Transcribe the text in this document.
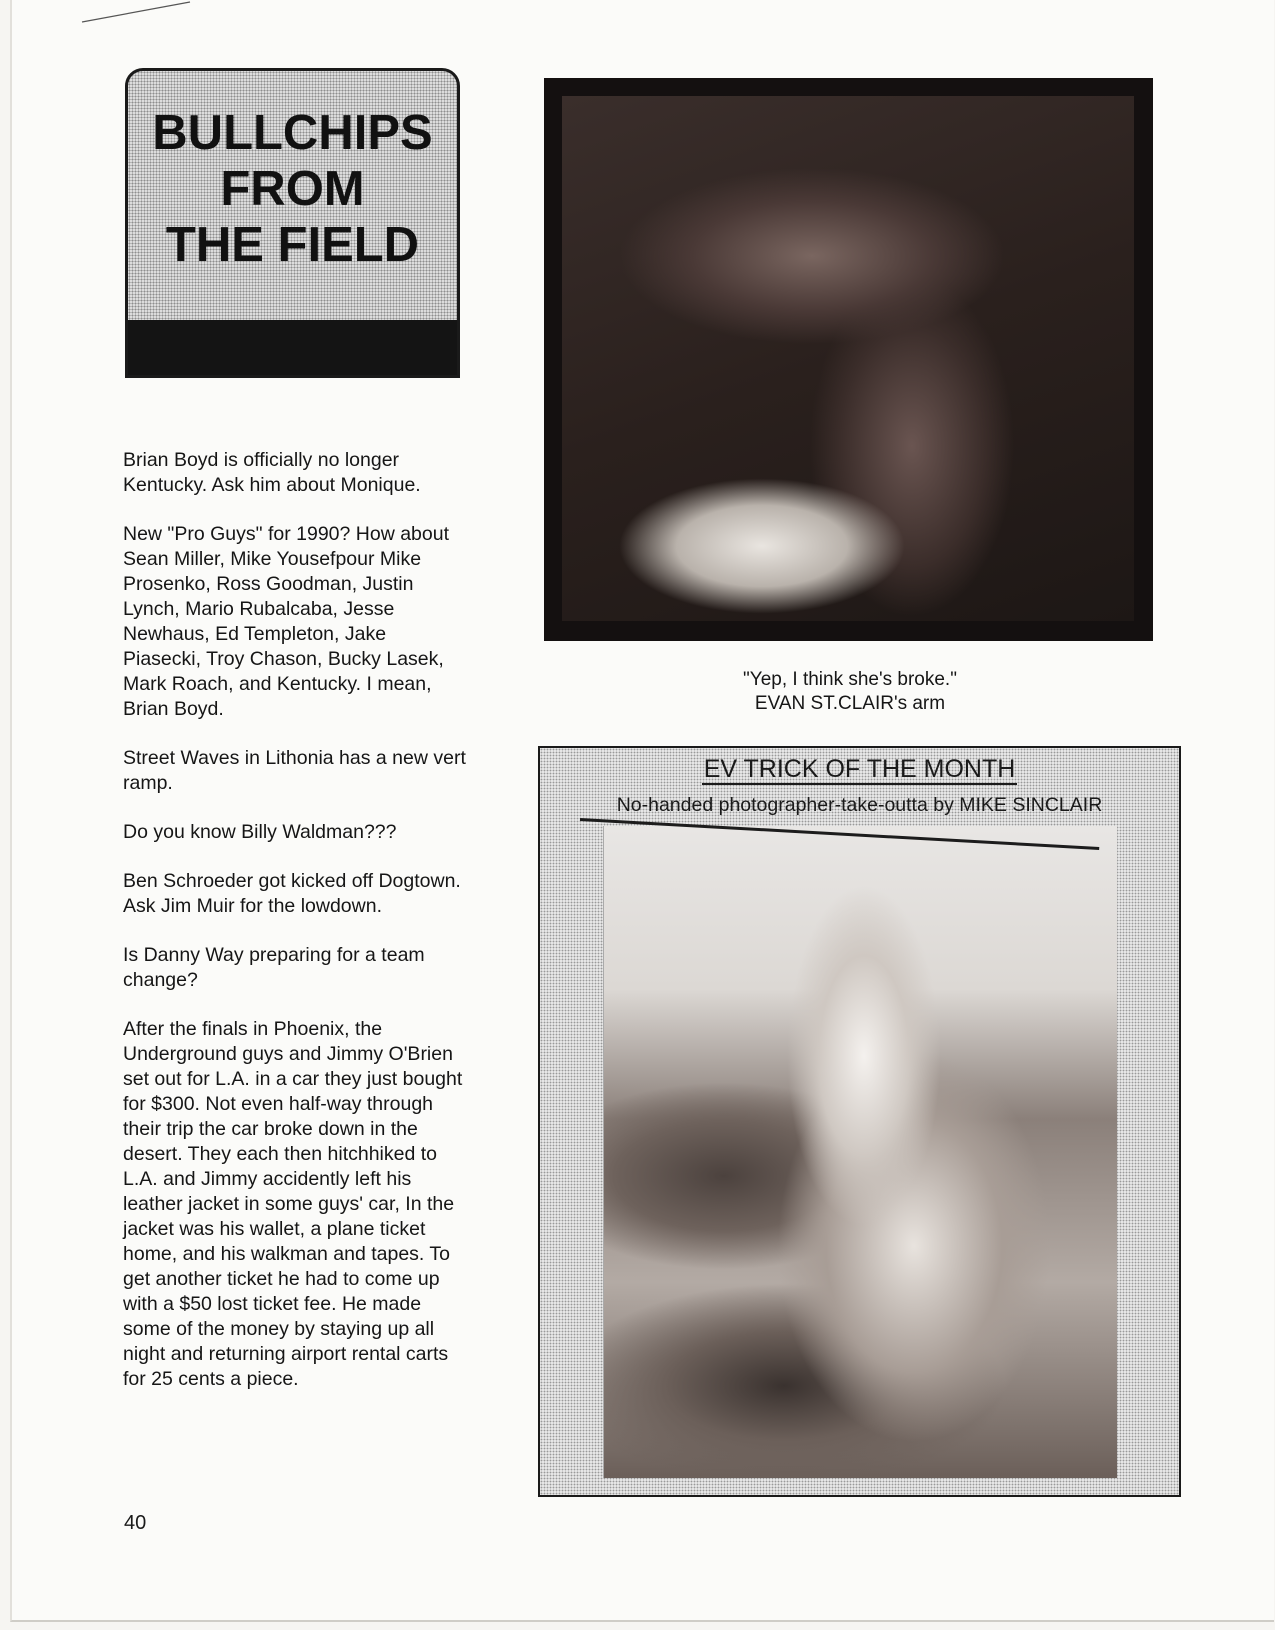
BULLCHIPS
FROM
THE FIELD

Brian Boyd is officially no longer Kentucky. Ask him about Monique.

New "Pro Guys" for 1990? How about Sean Miller, Mike Yousefpour Mike Prosenko, Ross Goodman, Justin Lynch, Mario Rubalcaba, Jesse Newhaus, Ed Templeton, Jake Piasecki, Troy Chason, Bucky Lasek, Mark Roach, and Kentucky. I mean, Brian Boyd.

Street Waves in Lithonia has a new vert ramp.

Do you know Billy Waldman???

Ben Schroeder got kicked off Dogtown. Ask Jim Muir for the lowdown.

Is Danny Way preparing for a team change?

After the finals in Phoenix, the Underground guys and Jimmy O'Brien set out for L.A. in a car they just bought for $300. Not even half-way through their trip the car broke down in the desert. They each then hitchhiked to L.A. and Jimmy accidently left his leather jacket in some guys' car, In the jacket was his wallet, a plane ticket home, and his walkman and tapes. To get another ticket he had to come up with a $50 lost ticket fee. He made some of the money by staying up all night and returning airport rental carts for 25 cents a piece.

40
"Yep, I think she's broke."
EVAN ST.CLAIR's arm
EV TRICK OF THE MONTH
No-handed photographer-take-outta by MIKE SINCLAIR
